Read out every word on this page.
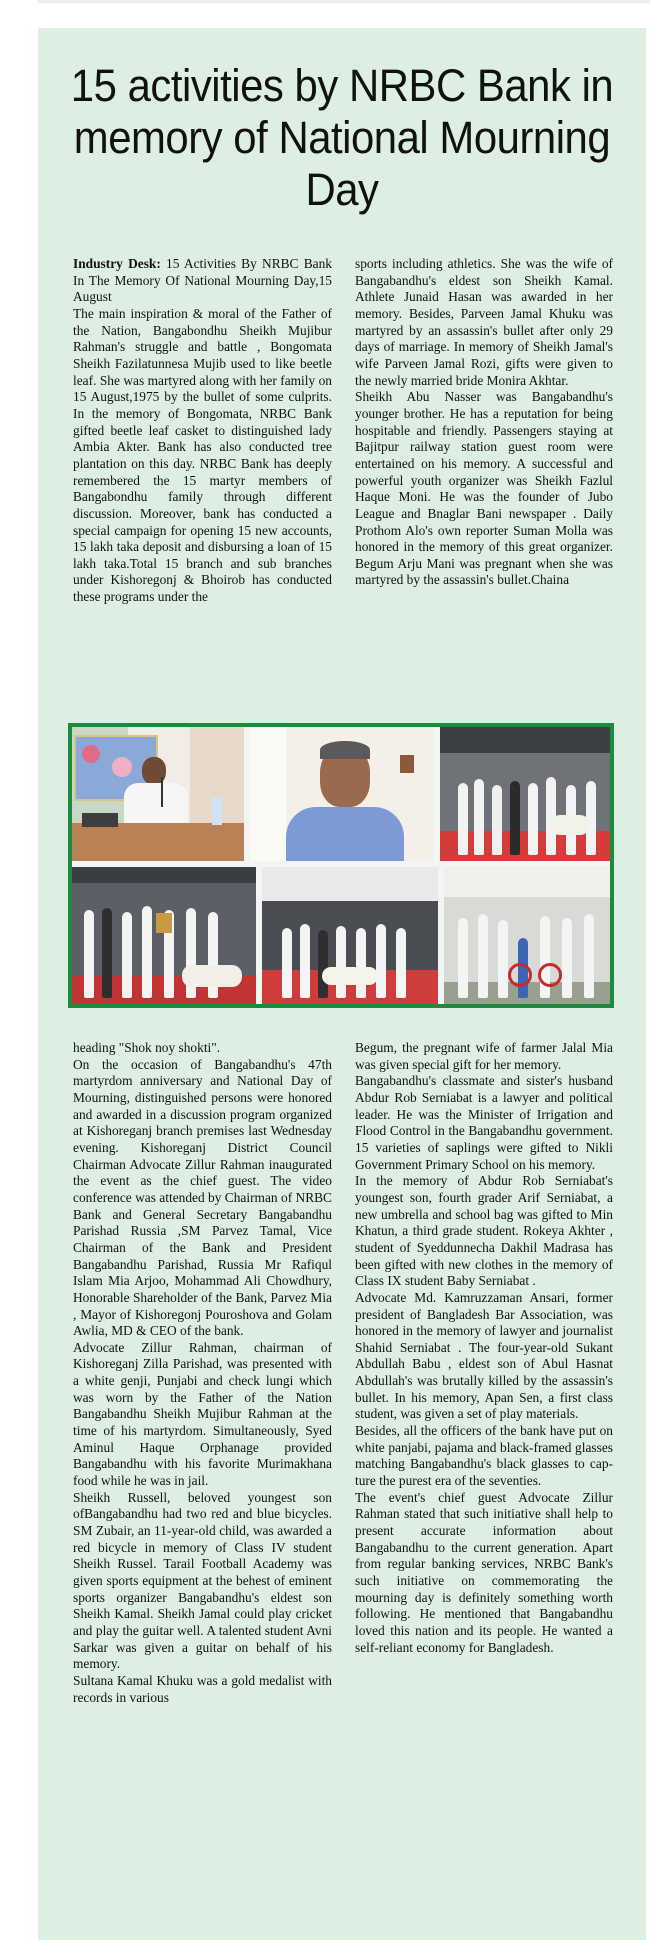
15 activities by NRBC Bank in memory of National Mourning Day

Industry Desk: 15 Activities By NRBC Bank In The Memory Of National Mourning Day,15 August

The main inspiration & moral of the Father of the Nation, Bangabondhu Sheikh Mujibur Rahman's struggle and battle , Bongomata Sheikh Fazilatunnesa Mujib used to like beetle leaf. She was martyred along with her family on 15 August,1975 by the bullet of some culprits. In the memory of Bongomata, NRBC Bank gifted beetle leaf casket to distinguished lady Ambia Akter. Bank has also conducted tree plantation on this day. NRBC Bank has deeply remembered the 15 martyr members of Bangabondhu family through different discussion. Moreover, bank has conducted a special campaign for opening 15 new accounts, 15 lakh taka deposit and disbursing a loan of 15 lakh taka.Total 15 branch and sub branches under Kishoregonj & Bhoirob has conducted these programs under the

sports including athletics. She was the wife of Bangabandhu's eldest son Sheikh Kamal. Athlete Junaid Hasan was awarded in her memory. Besides, Parveen Jamal Khuku was martyred by an assassin's bullet after only 29 days of marriage. In memory of Sheikh Jamal's wife Parveen Jamal Rozi, gifts were given to the newly married bride Monira Akhtar.

Sheikh Abu Nasser was Bangabandhu's younger brother. He has a reputation for being hospitable and friendly. Passengers staying at Bajitpur railway station guest room were entertained on his memory. A successful and powerful youth organizer was Sheikh Fazlul Haque Moni. He was the founder of Jubo League and Bnaglar Bani newspaper . Daily Prothom Alo's own reporter Suman Molla was honored in the memory of this great organizer. Begum Arju Mani was pregnant when she was martyred by the assassin's bullet.Chaina

heading "Shok noy shokti".

On the occasion of Bangabandhu's 47th martyrdom anniversary and National Day of Mourning, distinguished persons were honored and awarded in a discussion program organized at Kishoreganj branch premises last Wednesday evening. Kishoreganj District Council Chairman Advocate Zillur Rahman inaugurated the event as the chief guest. The video conference was attended by Chairman of NRBC Bank and General Secretary Bangabandhu Parishad Russia ,SM Parvez Tamal, Vice Chairman of the Bank and President Bangabandhu Parishad, Russia Mr Rafiqul Islam Mia Arjoo, Mohammad Ali Chowdhury, Honorable Shareholder of the Bank, Parvez Mia , Mayor of Kishoregonj Pouroshova and Golam Awlia, MD & CEO of the bank.

Advocate Zillur Rahman, chairman of Kishoreganj Zilla Parishad, was presented with a white genji, Punjabi and check lungi which was worn by the Father of the Nation Bangabandhu Sheikh Mujibur Rahman at the time of his martyrdom. Simultaneously, Syed Aminul Haque Orphanage provided Bangabandhu with his favorite Murimakhana food while he was in jail.

Sheikh Russell, beloved youngest son ofBangabandhu had two red and blue bicycles. SM Zubair, an 11-year-old child, was awarded a red bicycle in memory of Class IV student Sheikh Russel. Tarail Football Academy was given sports equipment at the behest of eminent sports organizer Bangabandhu's eldest son Sheikh Kamal. Sheikh Jamal could play cricket and play the guitar well. A talented student Avni Sarkar was given a guitar on behalf of his memory.

Sultana Kamal Khuku was a gold medalist with records in various

Begum, the pregnant wife of farmer Jalal Mia was given special gift for her memory.

Bangabandhu's classmate and sister's husband Abdur Rob Serniabat is a lawyer and political leader. He was the Minister of Irrigation and Flood Control in the Bangabandhu government. 15 varieties of saplings were gifted to Nikli Government Primary School on his memory.

In the memory of Abdur Rob Serniabat's youngest son, fourth grader Arif Serniabat, a new umbrella and school bag was gifted to Min Khatun, a third grade student. Rokeya Akhter , student of Syeddunnecha Dakhil Madrasa has been gifted with new clothes in the memory of Class IX student Baby Serniabat .

Advocate Md. Kamruzzaman Ansari, former president of Bangladesh Bar Association, was honored in the memory of lawyer and journalist Shahid Serniabat . The four-year-old Sukant Abdullah Babu , eldest son of Abul Hasnat Abdullah's was brutally killed by the assassin's bullet. In his memory, Apan Sen, a first class student, was given a set of play materials.

Besides, all the officers of the bank have put on white panjabi, pajama and black-framed glasses matching Bangabandhu's black glasses to capture the purest era of the seventies.

The event's chief guest Advocate Zillur Rahman stated that such initiative shall help to present accurate information about Bangabandhu to the current generation. Apart from regular banking services, NRBC Bank's such initiative on commemorating the mourning day is definitely something worth following. He mentioned that Bangabandhu loved this nation and its people. He wanted a self-reliant economy for Bangladesh.
